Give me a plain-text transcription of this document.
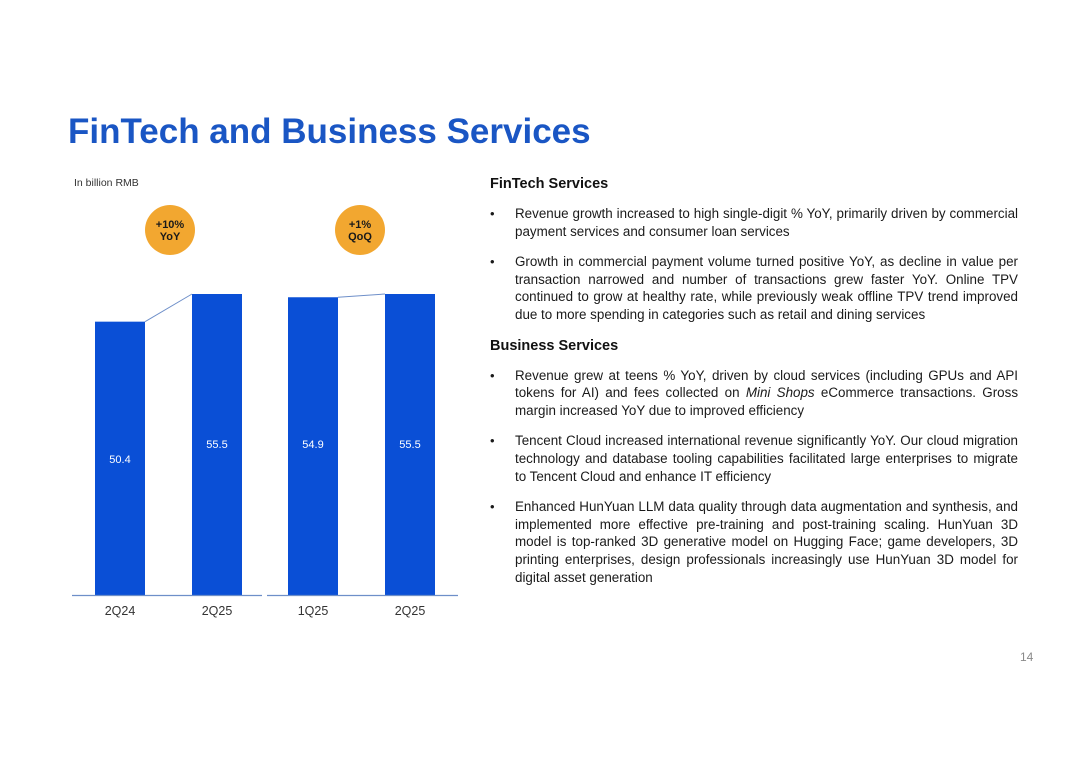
FinTech and Business Services
In billion RMB
50.4
2Q24
55.5
2Q25
+10%
YoY
54.9
1Q25
55.5
2Q25
+1%
QoQ
FinTech Services
• Revenue growth increased to high single-digit % YoY, primarily driven by commercial payment services and consumer loan services
• Growth in commercial payment volume turned positive YoY, as decline in value per transaction narrowed and number of transactions grew faster YoY. Online TPV continued to grow at healthy rate, while previously weak offline TPV trend improved due to more spending in categories such as retail and dining services
Business Services
• Revenue grew at teens % YoY, driven by cloud services (including GPUs and API tokens for AI) and fees collected on Mini Shops eCommerce transactions. Gross margin increased YoY due to improved efficiency
• Tencent Cloud increased international revenue significantly YoY. Our cloud migration technology and database tooling capabilities facilitated large enterprises to migrate to Tencent Cloud and enhance IT efficiency
• Enhanced HunYuan LLM data quality through data augmentation and synthesis, and implemented more effective pre-training and post-training scaling. HunYuan 3D model is top-ranked 3D generative model on Hugging Face; game developers, 3D printing enterprises, design professionals increasingly use HunYuan 3D model for digital asset generation
14
